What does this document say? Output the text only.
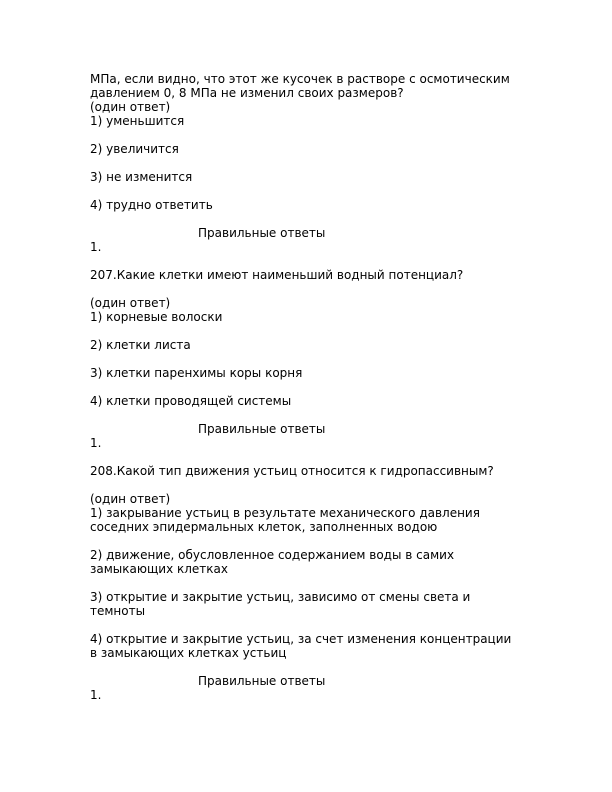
МПа, если видно, что этот же кусочек в растворе с осмотическим
давлением 0, 8 МПа не изменил своих размеров?
(один ответ)
1) уменьшится
2) увеличится
3) не изменится
4) трудно ответить
Правильные ответы
1.
207.Какие клетки имеют наименьший водный потенциал?
(один ответ)
1) корневые волоски
2) клетки листа
3) клетки паренхимы коры корня
4) клетки проводящей системы
Правильные ответы
1.
208.Какой тип движения устьиц относится к гидропассивным?
(один ответ)
1) закрывание устьиц в результате механического давления
соседних эпидермальных клеток, заполненных водою
2) движение, обусловленное содержанием воды в самих
замыкающих клетках
3) открытие и закрытие устьиц, зависимо от смены света и
темноты
4) открытие и закрытие устьиц, за счет изменения концентрации
в замыкающих клетках устьиц
Правильные ответы
1.
